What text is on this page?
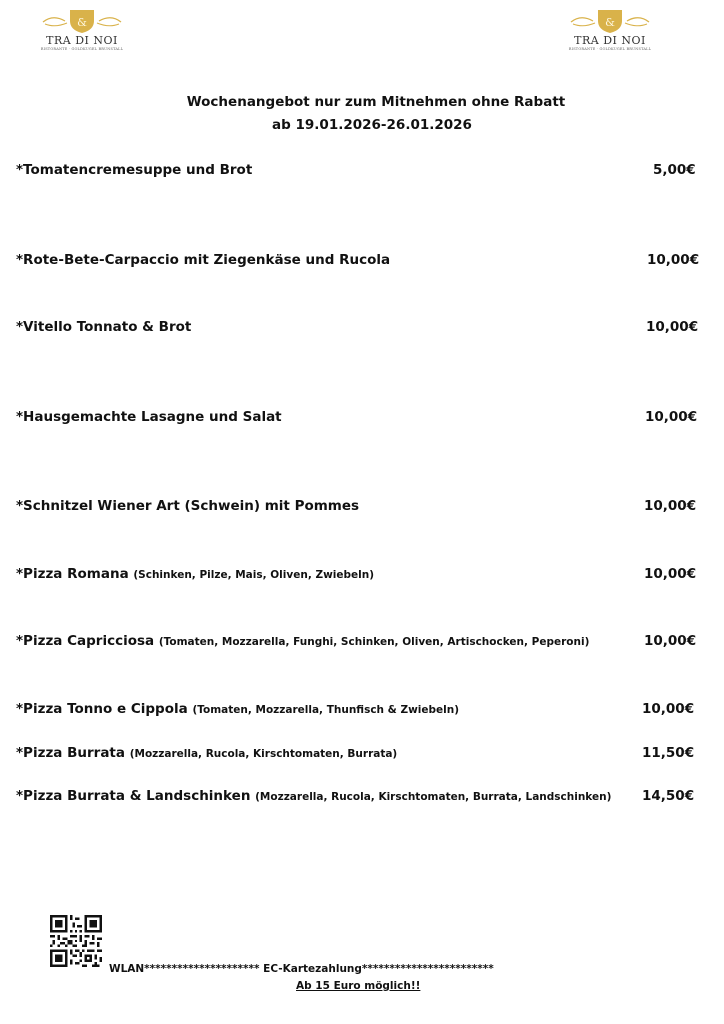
&
TRA DI NOI
RISTORANTE · GOLDKUGEL BRUNSTALL
&
TRA DI NOI
RISTORANTE · GOLDKUGEL BRUNSTALL
Wochenangebot nur zum Mitnehmen ohne Rabatt
ab 19.01.2026-26.01.2026
*Tomatencremesuppe und Brot	5,00€
*Rote-Bete-Carpaccio mit Ziegenkäse und Rucola	10,00€
*Vitello Tonnato & Brot	10,00€
*Hausgemachte Lasagne und Salat	10,00€
*Schnitzel Wiener Art (Schwein) mit Pommes	10,00€
*Pizza Romana (Schinken, Pilze, Mais, Oliven, Zwiebeln)	10,00€
*Pizza Capricciosa (Tomaten, Mozzarella, Funghi, Schinken, Oliven, Artischocken, Peperoni)	10,00€
*Pizza Tonno e Cippola (Tomaten, Mozzarella, Thunfisch & Zwiebeln)	10,00€
*Pizza Burrata (Mozzarella, Rucola, Kirschtomaten, Burrata)	11,50€
*Pizza Burrata & Landschinken (Mozzarella, Rucola, Kirschtomaten, Burrata, Landschinken) 14,50€
WLAN********************* EC-Kartezahlung************************
Ab 15 Euro möglich!!
